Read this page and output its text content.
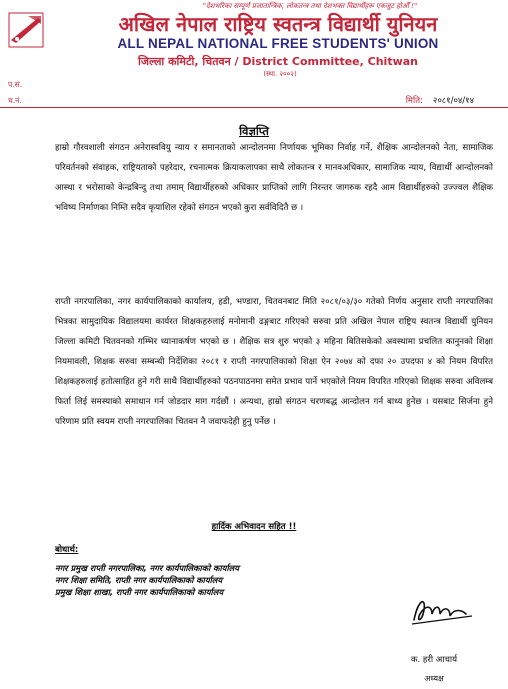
"देशभरिका सम्पूर्ण प्रजातान्त्रिक, लोकतन्त्र तथा देशभक्त विद्यार्थीहरू एकजुट होऔँ !"
अखिल नेपाल राष्ट्रिय स्वतन्त्र विद्यार्थी युनियन
ALL NEPAL NATIONAL FREE STUDENTS' UNION
जिल्ला कमिटी, चितवन / District Committee, Chitwan
(स्था. २००२)
प.सं.
च.नं.	मिति: २०८१/०४/१४
विज्ञप्ति
हाम्रो गौरवशाली संगठन अनेरास्ववियु न्याय र समानताको आन्दोलनमा निर्णायक भूमिका निर्वाह गर्ने, शैक्षिक आन्दोलनको नेता, सामाजिक परिवर्तनको संवाहक, राष्ट्रियताको पहरेदार, रचनात्मक क्रियाकलापका साथै लोकतन्त्र र मानवअधिकार, सामाजिक न्याय, विद्यार्थी आन्दोलनको आस्था र भरोसाको केन्द्रबिन्दु तथा तमाम् विद्यार्थीहरुको अधिकार प्राप्तिको लागि निरन्तर जागरुक रहदै आम विद्यार्थीहरुको उज्ज्वल शैक्षिक भविष्य निर्माणका निम्ति सदैव कृयाशिल रहेको संगठन भएको कुरा सर्वविदितै छ ।
राप्ती नगरपालिका, नगर कार्यपालिकाको कार्यालय, हडी, भण्डारा, चितवनबाट मिति २०८१/०३/३० गतेको निर्णय अनुसार राप्ती नगरपालिका भित्रका सामुदायिक विद्यालयमा कार्यरत शिक्षकहरुलाई मनोमानी ढङ्गबाट गरिएको सरुवा प्रति अखिल नेपाल राष्ट्रिय स्वतन्त्र विद्यार्थी युनियन जिल्ला कमिटी चितवनको गम्भिर ध्यानाकर्षण भएको छ । शैक्षिक सत्र शुरु भएको ३ महिना बितिसकेको अवस्थामा प्रचलित कानुनको शिक्षा नियमावली, शिक्षक सरुवा सम्बन्धी निर्देशिका २०८१ र राप्ती नगरपालिकाको शिक्षा ऐन २०७४ को दफा २० उपदफा ४ को नियम विपरित शिक्षकहरुलाई हतोत्साहित हुने गरी साथै विद्यार्थीहरुको पठनपाठनमा समेत प्रभाव पार्ने भएकोले नियम विपरित गरिएको शिक्षक सरुवा अविलम्ब फिर्ता लिई समस्याको समाधान गर्न जोडदार माग गर्दछौं । अन्यथा, हाम्रो संगठन चरणबद्ध आन्दोलन गर्न बाध्य हुनेछ । यसबाट सिर्जना हुने परिणाम प्रति स्वयम राप्ती नगरपालिका चितवन नै जवाफदेही हुनु पर्नेछ ।
हार्दिक अभिवादन सहित !!
बोधार्थ:
नगर प्रमुख राप्ती नगरपालिका, नगर कार्यपालिकाको कार्यालय
नगर शिक्षा समिति, राप्ती नगर कार्यपालिकाको कार्यालय
प्रमुख शिक्षा शाखा, राप्ती नगर कार्यपालिकाको कार्यालय
क. हरी आचार्य
अध्यक्ष
